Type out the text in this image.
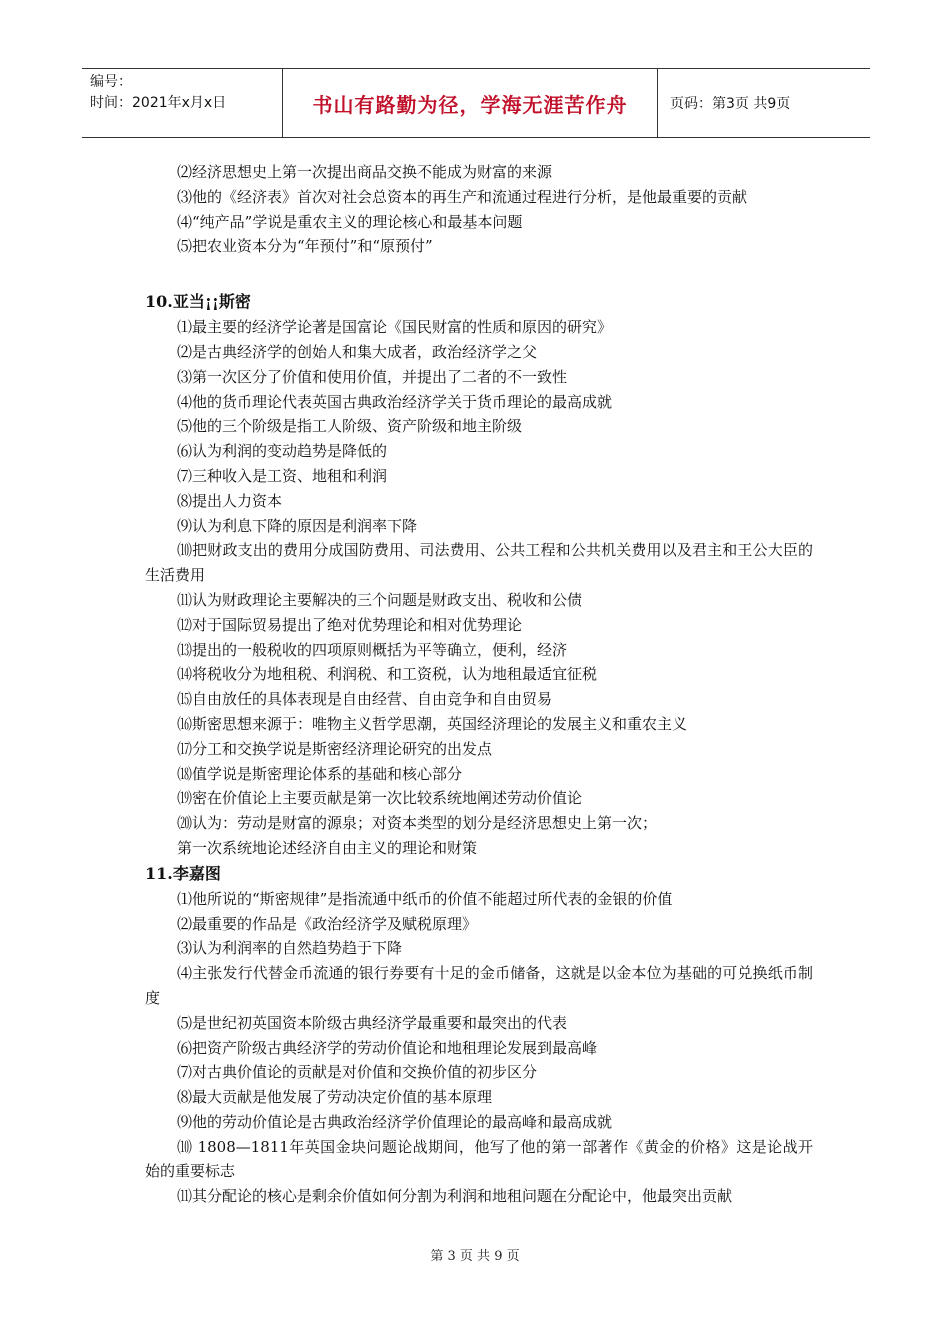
编号：
时间：2021年x月x日	书山有路勤为径，学海无涯苦作舟	页码：第3页 共9页
⑵经济思想史上第一次提出商品交换不能成为财富的来源
⑶他的《经济表》首次对社会总资本的再生产和流通过程进行分析，是他最重要的贡献
⑷“纯产品”学说是重农主义的理论核心和最基本问题
⑸把农业资本分为“年预付”和“原预付”
10.亚当¡¡斯密
⑴最主要的经济学论著是国富论《国民财富的性质和原因的研究》
⑵是古典经济学的创始人和集大成者，政治经济学之父
⑶第一次区分了价值和使用价值，并提出了二者的不一致性
⑷他的货币理论代表英国古典政治经济学关于货币理论的最高成就
⑸他的三个阶级是指工人阶级、资产阶级和地主阶级
⑹认为利润的变动趋势是降低的
⑺三种收入是工资、地租和利润
⑻提出人力资本
⑼认为利息下降的原因是利润率下降
⑽把财政支出的费用分成国防费用、司法费用、公共工程和公共机关费用以及君主和王公大臣的生活费用
⑾认为财政理论主要解决的三个问题是财政支出、税收和公债
⑿对于国际贸易提出了绝对优势理论和相对优势理论
⒀提出的一般税收的四项原则概括为平等确立，便利，经济
⒁将税收分为地租税、利润税、和工资税，认为地租最适宜征税
⒂自由放任的具体表现是自由经营、自由竞争和自由贸易
⒃斯密思想来源于：唯物主义哲学思潮，英国经济理论的发展主义和重农主义
⒄分工和交换学说是斯密经济理论研究的出发点
⒅值学说是斯密理论体系的基础和核心部分
⒆密在价值论上主要贡献是第一次比较系统地阐述劳动价值论
⒇认为：劳动是财富的源泉；对资本类型的划分是经济思想史上第一次；
第一次系统地论述经济自由主义的理论和财策
11.李嘉图
⑴他所说的“斯密规律”是指流通中纸币的价值不能超过所代表的金银的价值
⑵最重要的作品是《政治经济学及赋税原理》
⑶认为利润率的自然趋势趋于下降
⑷主张发行代替金币流通的银行券要有十足的金币储备，这就是以金本位为基础的可兑换纸币制度
⑸是世纪初英国资本阶级古典经济学最重要和最突出的代表
⑹把资产阶级古典经济学的劳动价值论和地租理论发展到最高峰
⑺对古典价值论的贡献是对价值和交换价值的初步区分
⑻最大贡献是他发展了劳动决定价值的基本原理
⑼他的劳动价值论是古典政治经济学价值理论的最高峰和最高成就
⑽ 1808—1811年英国金块问题论战期间，他写了他的第一部著作《黄金的价格》这是论战开始的重要标志
⑾其分配论的核心是剩余价值如何分割为利润和地租问题在分配论中，他最突出贡献
第 3 页 共 9 页
